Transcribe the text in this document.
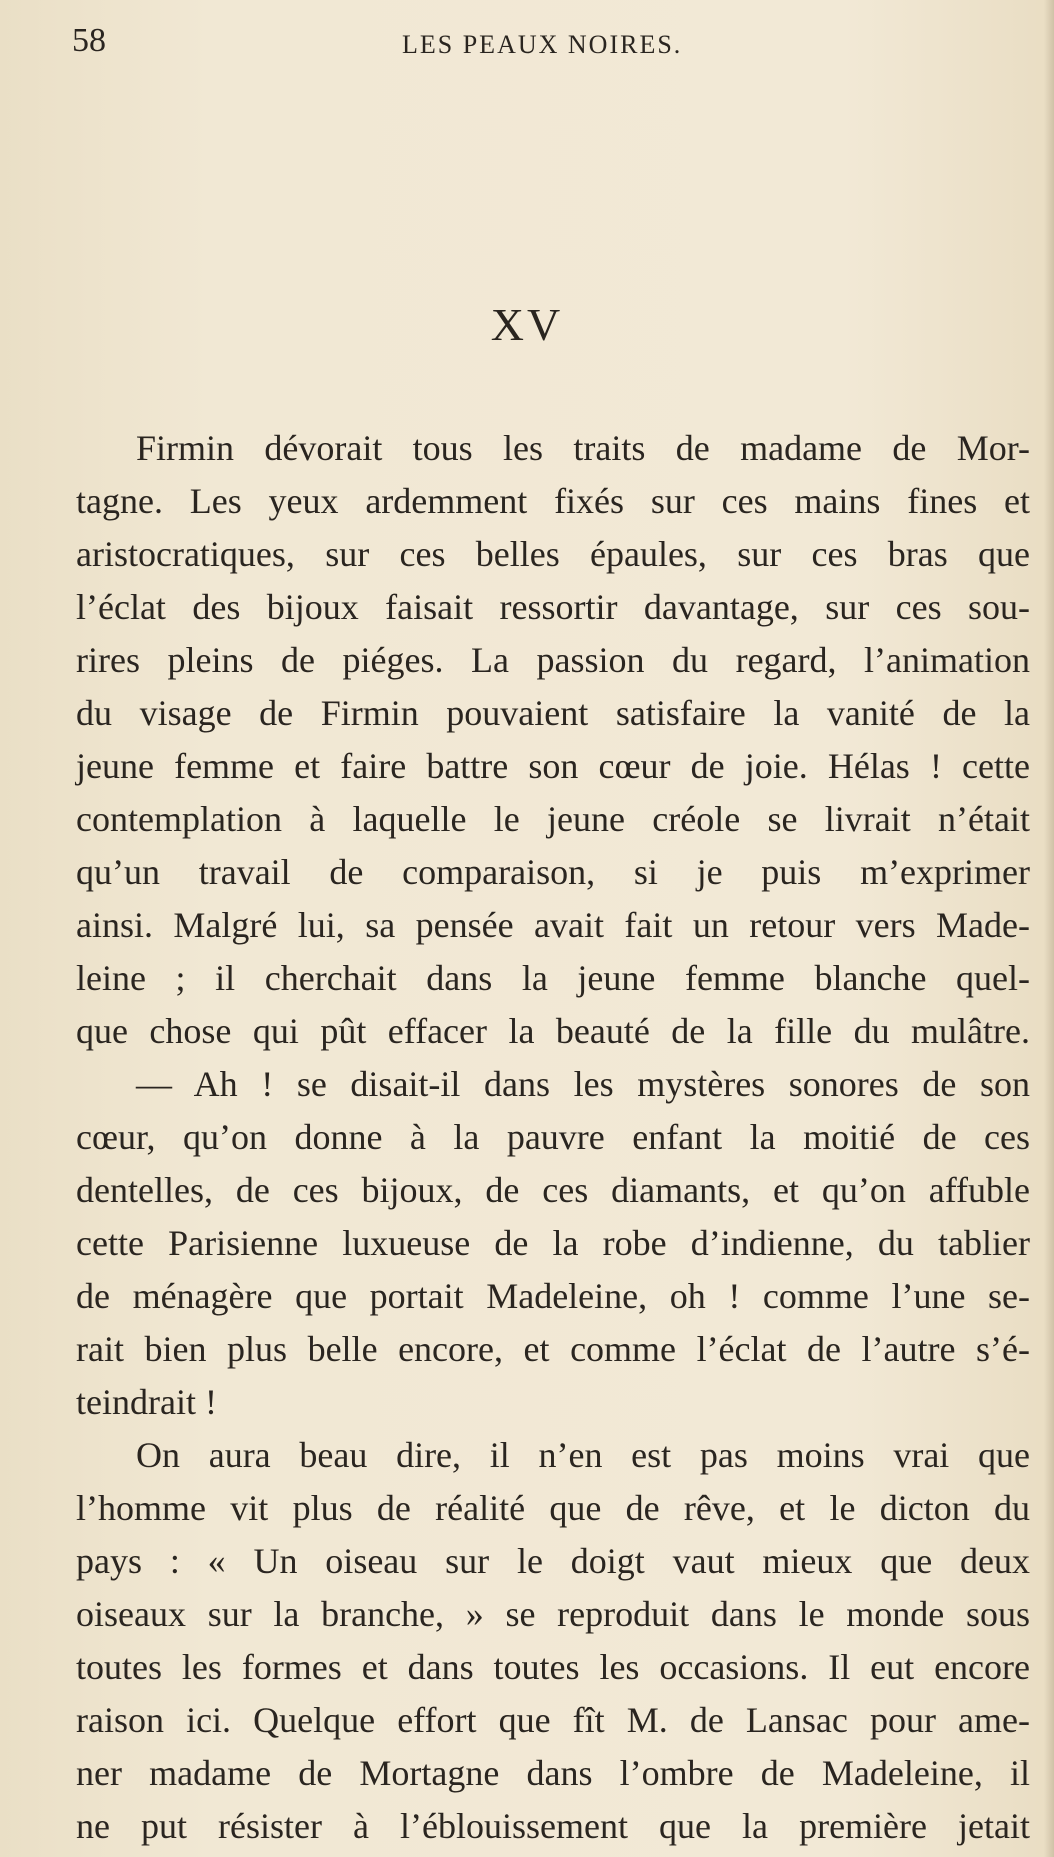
58	LES PEAUX NOIRES.
XV
Firmin dévorait tous les traits de madame de Mor-
tagne. Les yeux ardemment fixés sur ces mains fines et
aristocratiques, sur ces belles épaules, sur ces bras que
l’éclat des bijoux faisait ressortir davantage, sur ces sou-
rires pleins de piéges. La passion du regard, l’animation
du visage de Firmin pouvaient satisfaire la vanité de la
jeune femme et faire battre son cœur de joie. Hélas ! cette
contemplation à laquelle le jeune créole se livrait n’était
qu’un travail de comparaison, si je puis m’exprimer
ainsi. Malgré lui, sa pensée avait fait un retour vers Made-
leine ; il cherchait dans la jeune femme blanche quel-
que chose qui pût effacer la beauté de la fille du mulâtre.
— Ah ! se disait-il dans les mystères sonores de son
cœur, qu’on donne à la pauvre enfant la moitié de ces
dentelles, de ces bijoux, de ces diamants, et qu’on affuble
cette Parisienne luxueuse de la robe d’indienne, du tablier
de ménagère que portait Madeleine, oh ! comme l’une se-
rait bien plus belle encore, et comme l’éclat de l’autre s’é-
teindrait !
On aura beau dire, il n’en est pas moins vrai que
l’homme vit plus de réalité que de rêve, et le dicton du
pays : « Un oiseau sur le doigt vaut mieux que deux
oiseaux sur la branche, » se reproduit dans le monde sous
toutes les formes et dans toutes les occasions. Il eut encore
raison ici. Quelque effort que fît M. de Lansac pour ame-
ner madame de Mortagne dans l’ombre de Madeleine, il
ne put résister à l’éblouissement que la première jetait
